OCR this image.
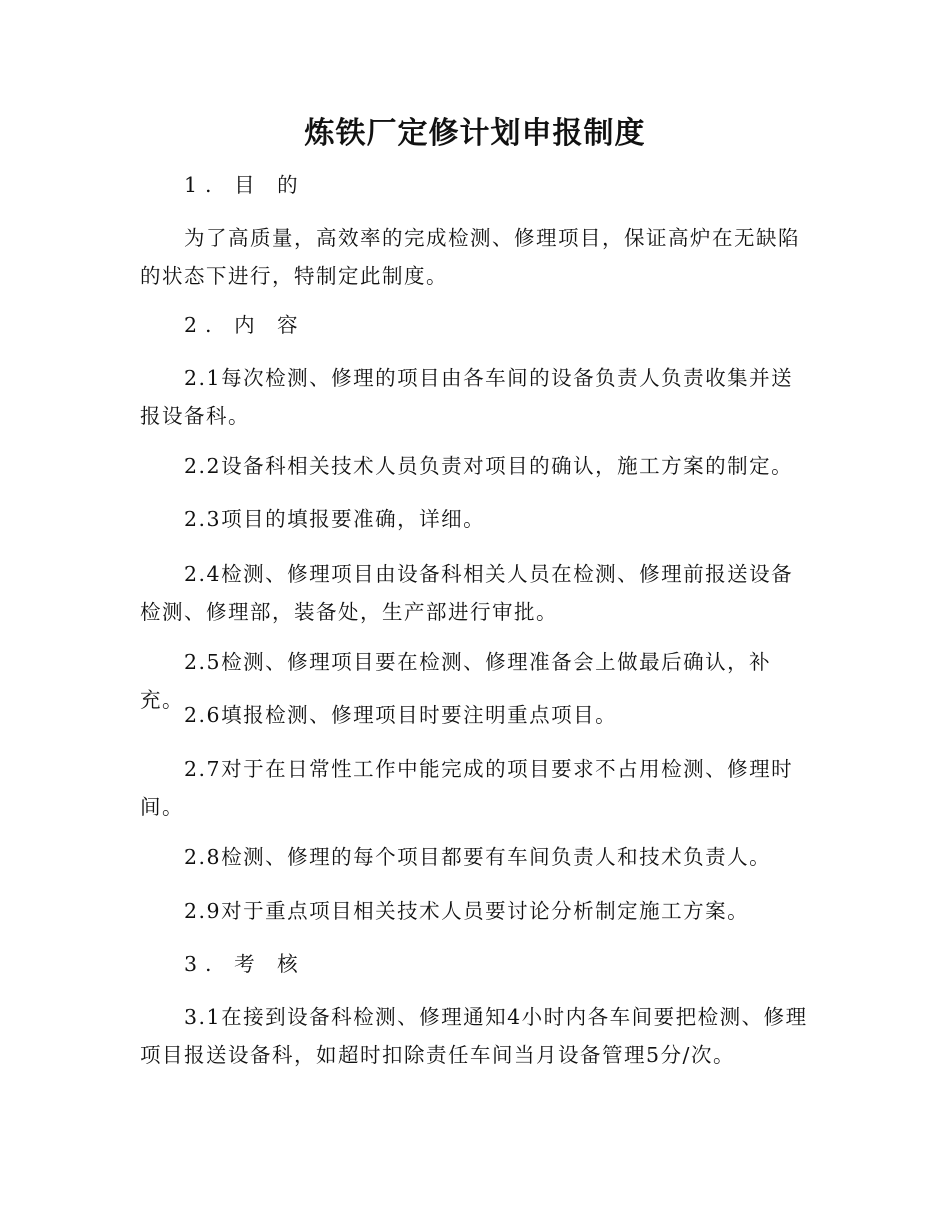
炼铁厂定修计划申报制度

1. 目 的

为了高质量，高效率的完成检测、修理项目，保证高炉在无缺陷的状态下进行，特制定此制度。

2. 内 容

2.1每次检测、修理的项目由各车间的设备负责人负责收集并送报设备科。

2.2设备科相关技术人员负责对项目的确认，施工方案的制定。

2.3项目的填报要准确，详细。

2.4检测、修理项目由设备科相关人员在检测、修理前报送设备检测、修理部，装备处，生产部进行审批。

2.5检测、修理项目要在检测、修理准备会上做最后确认，补充。

2.6填报检测、修理项目时要注明重点项目。

2.7对于在日常性工作中能完成的项目要求不占用检测、修理时间。

2.8检测、修理的每个项目都要有车间负责人和技术负责人。

2.9对于重点项目相关技术人员要讨论分析制定施工方案。

3. 考 核

3.1在接到设备科检测、修理通知4小时内各车间要把检测、修理项目报送设备科，如超时扣除责任车间当月设备管理5分/次。
